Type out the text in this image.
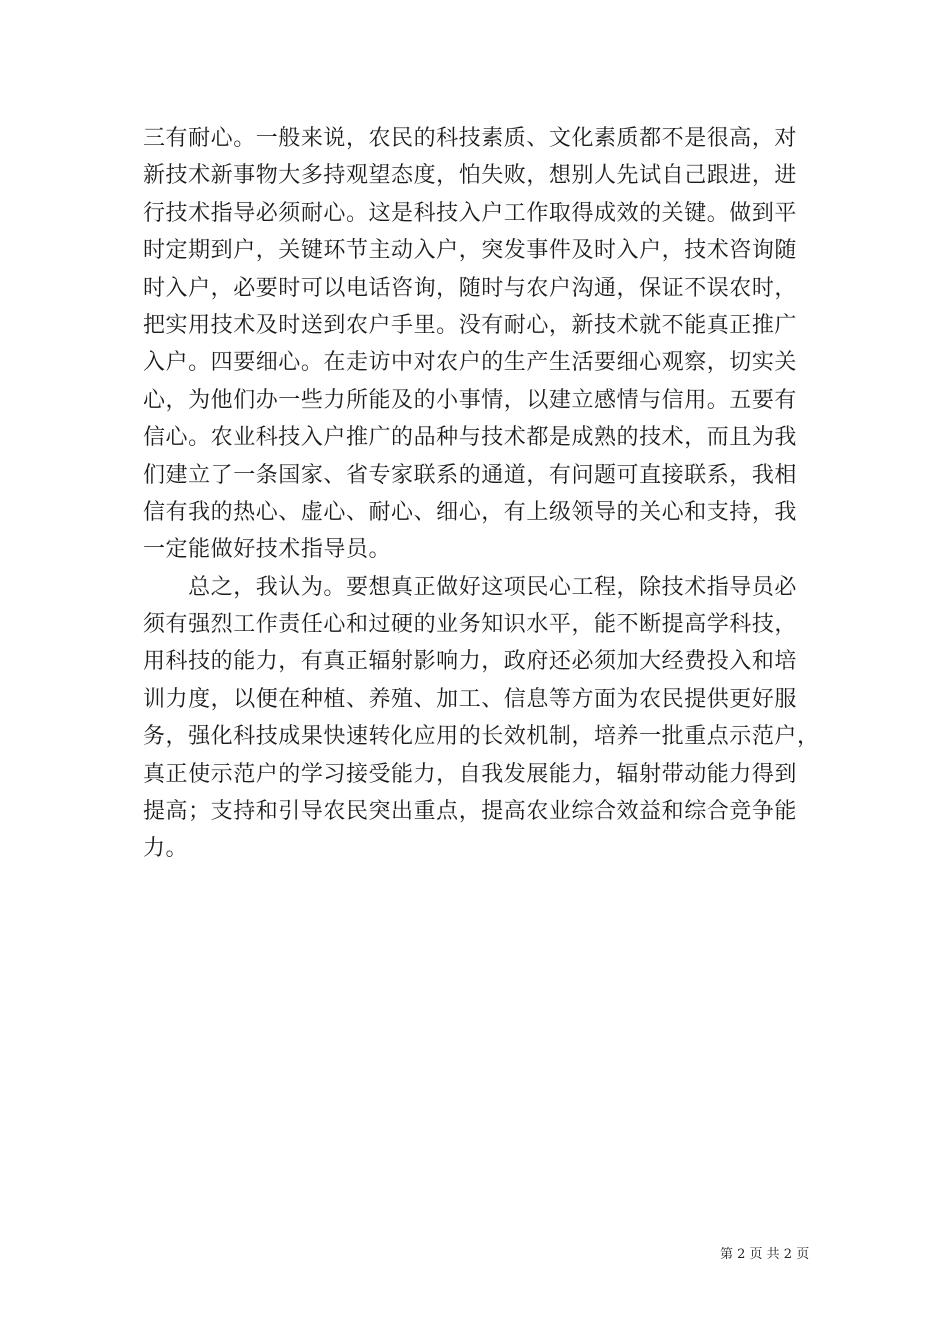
三有耐心。一般来说，农民的科技素质、文化素质都不是很高，对
新技术新事物大多持观望态度，怕失败，想别人先试自己跟进，进
行技术指导必须耐心。这是科技入户工作取得成效的关键。做到平
时定期到户，关键环节主动入户，突发事件及时入户，技术咨询随
时入户，必要时可以电话咨询，随时与农户沟通，保证不误农时，
把实用技术及时送到农户手里。没有耐心，新技术就不能真正推广
入户。四要细心。在走访中对农户的生产生活要细心观察，切实关
心，为他们办一些力所能及的小事情，以建立感情与信用。五要有
信心。农业科技入户推广的品种与技术都是成熟的技术，而且为我
们建立了一条国家、省专家联系的通道，有问题可直接联系，我相
信有我的热心、虚心、耐心、细心，有上级领导的关心和支持，我
一定能做好技术指导员。
　　总之，我认为。要想真正做好这项民心工程，除技术指导员必
须有强烈工作责任心和过硬的业务知识水平，能不断提高学科技，
用科技的能力，有真正辐射影响力，政府还必须加大经费投入和培
训力度，以便在种植、养殖、加工、信息等方面为农民提供更好服
务，强化科技成果快速转化应用的长效机制，培养一批重点示范户，
真正使示范户的学习接受能力，自我发展能力，辐射带动能力得到
提高；支持和引导农民突出重点，提高农业综合效益和综合竞争能
力。
第 2 页 共 2 页
